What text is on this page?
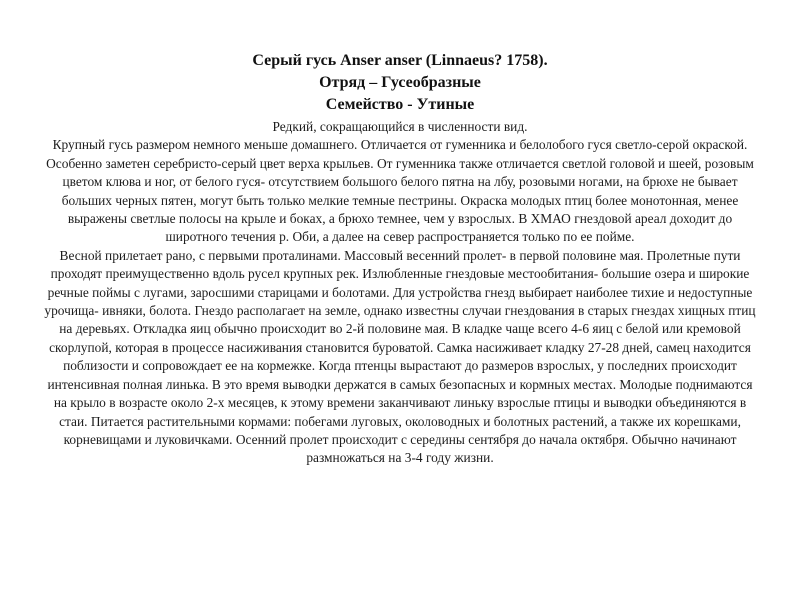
Серый гусь Anser anser (Linnaeus? 1758).
Отряд – Гусеобразные
Семейство - Утиные

Редкий, сокращающийся в численности вид.

Крупный гусь размером немного меньше домашнего. Отличается от гуменника и белолобого гуся светло-серой окраской. Особенно заметен серебристо-серый цвет верха крыльев. От гуменника также отличается светлой головой и шеей, розовым цветом клюва и ног, от белого гуся- отсутствием большого белого пятна на лбу, розовыми ногами, на брюхе не бывает больших черных пятен, могут быть только мелкие темные пестрины. Окраска молодых птиц более монотонная, менее выражены светлые полосы на крыле и боках, а брюхо темнее, чем у взрослых. В ХМАО гнездовой ареал доходит до широтного течения р. Оби, а далее на север распространяется только по ее пойме.

Весной прилетает рано, с первыми проталинами. Массовый весенний пролет- в первой половине мая. Пролетные пути проходят преимущественно вдоль русел крупных рек. Излюбленные гнездовые местообитания- большие озера и широкие речные поймы с лугами, заросшими старицами и болотами. Для устройства гнезд выбирает наиболее тихие и недоступные урочища- ивняки, болота. Гнездо располагает на земле, однако известны случаи гнездования в старых гнездах хищных птиц на деревьях. Откладка яиц обычно происходит во 2-й половине мая. В кладке чаще всего 4-6 яиц с белой или кремовой скорлупой, которая в процессе насиживания становится буроватой. Самка насиживает кладку 27-28 дней, самец находится поблизости и сопровождает ее на кормежке. Когда птенцы вырастают до размеров взрослых, у последних происходит интенсивная полная линька. В это время выводки держатся в самых безопасных и кормных местах. Молодые поднимаются на крыло в возрасте около 2-х месяцев, к этому времени заканчивают линьку взрослые птицы и выводки объединяются в стаи. Питается растительными кормами: побегами луговых, околоводных и болотных растений, а также их корешками, корневищами и луковичками. Осенний пролет происходит с середины сентября до начала октября. Обычно начинают размножаться на 3-4 году жизни.
